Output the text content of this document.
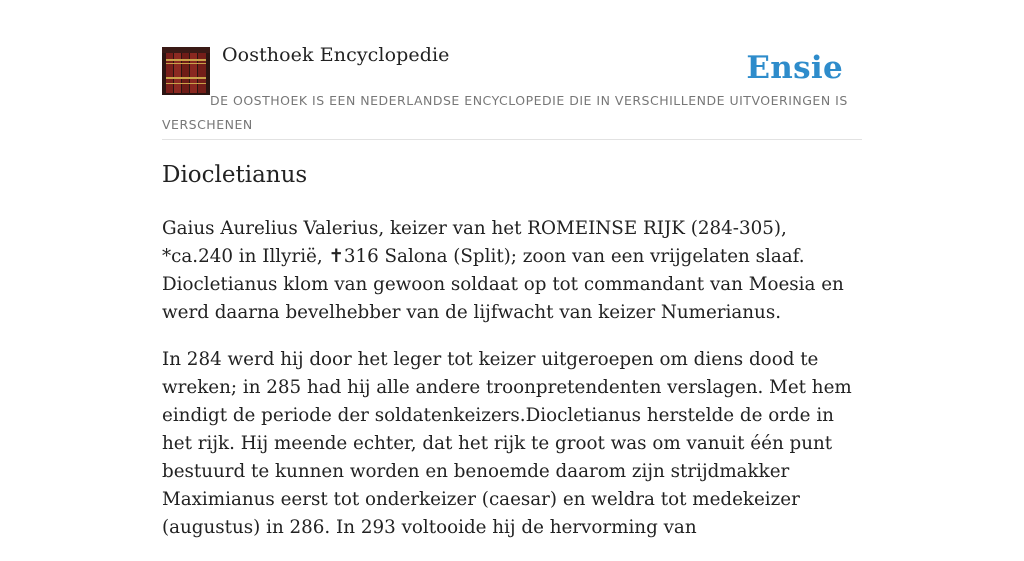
Oosthoek Encyclopedie	Ensie

DE OOSTHOEK IS EEN NEDERLANDSE ENCYCLOPEDIE DIE IN VERSCHILLENDE UITVOERINGEN IS VERSCHENEN

Diocletianus

Gaius Aurelius Valerius, keizer van het ROMEINSE RIJK (284-305), *ca.240 in Illyrië, ✝316 Salona (Split); zoon van een vrijgelaten slaaf. Diocletianus klom van gewoon soldaat op tot commandant van Moesia en werd daarna bevelhebber van de lijfwacht van keizer Numerianus.

In 284 werd hij door het leger tot keizer uitgeroepen om diens dood te wreken; in 285 had hij alle andere troonpretendenten verslagen. Met hem eindigt de periode der soldatenkeizers.Diocletianus herstelde de orde in het rijk. Hij meende echter, dat het rijk te groot was om vanuit één punt bestuurd te kunnen worden en benoemde daarom zijn strijdmakker Maximianus eerst tot onderkeizer (caesar) en weldra tot medekeizer (augustus) in 286. In 293 voltooide hij de hervorming van
